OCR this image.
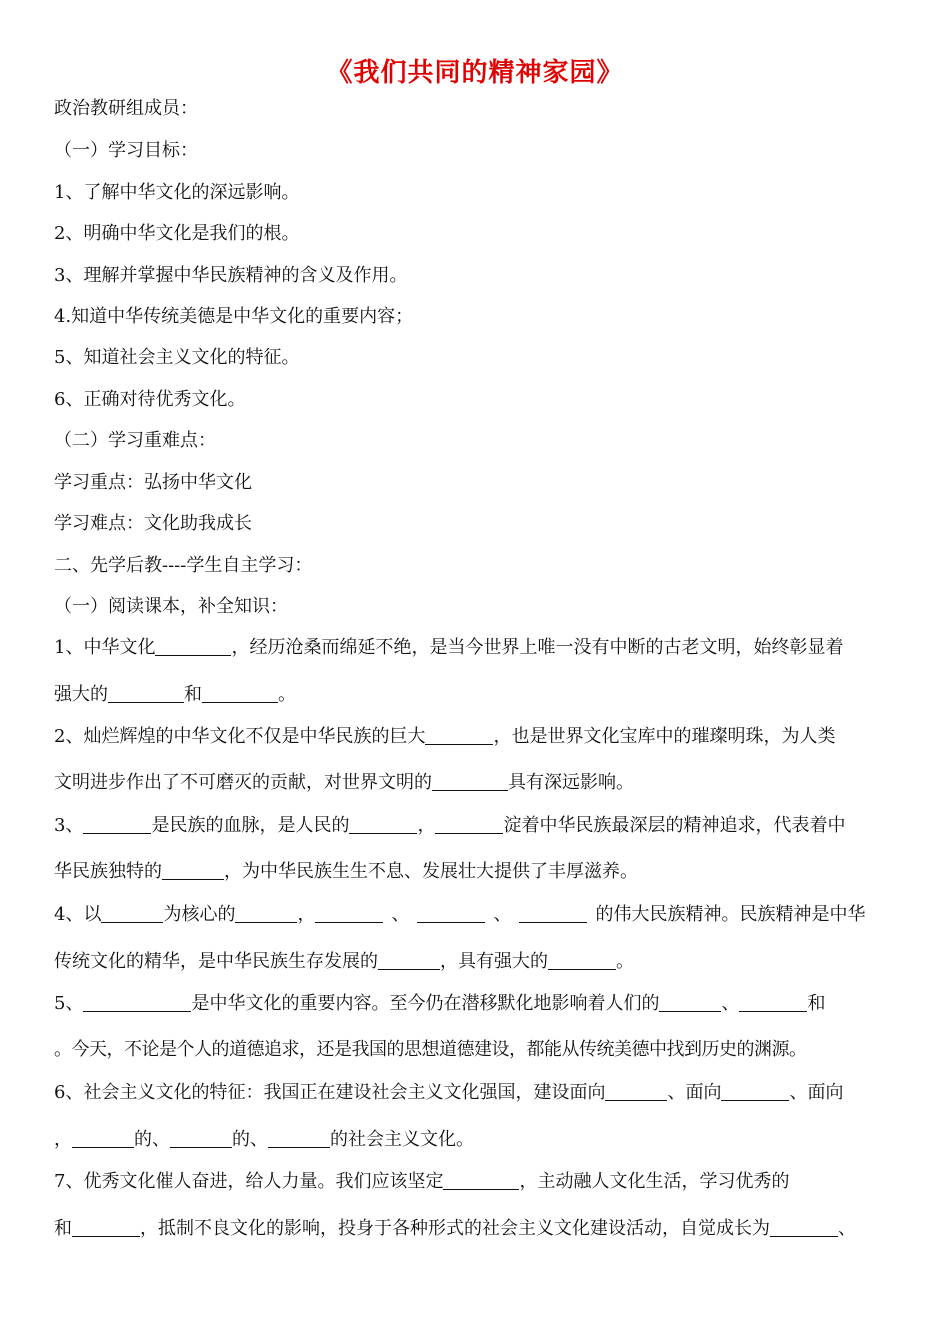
《我们共同的精神家园》
政治教研组成员：
（一）学习目标：
1、了解中华文化的深远影响。
2、明确中华文化是我们的根。
3、理解并掌握中华民族精神的含义及作用。
4.知道中华传统美德是中华文化的重要内容；
5、知道社会主义文化的特征。
6、正确对待优秀文化。
（二）学习重难点：
学习重点：弘扬中华文化
学习难点：文化助我成长
二、先学后教----学生自主学习：
（一）阅读课本，补全知识：
1、中华文化	，经历沧桑而绵延不绝，是当今世界上唯一没有中断的古老文明，始终彰显着
强大的	和	。
2、灿烂辉煌的中华文化不仅是中华民族的巨大	，也是世界文化宝库中的璀璨明珠，为人类
文明进步作出了不可磨灭的贡献，对世界文明的	具有深远影响。
3、	是民族的血脉，是人民的	，	淀着中华民族最深层的精神追求，代表着中
华民族独特的	，为中华民族生生不息、发展壮大提供了丰厚滋养。
4、以	为核心的	，	、	、	的伟大民族精神。民族精神是中华
传统文化的精华，是中华民族生存发展的	，具有强大的	。
5、	是中华文化的重要内容。至今仍在潜移默化地影响着人们的	、	和
。今天，不论是个人的道德追求，还是我国的思想道德建设，都能从传统美德中找到历史的渊源。
6、社会主义文化的特征：我国正在建设社会主义文化强国，建设面向	、面向	、面向
，	的、	的、	的社会主义文化。
7、优秀文化催人奋进，给人力量。我们应该坚定	，主动融人文化生活，学习优秀的
和	，抵制不良文化的影响，投身于各种形式的社会主义文化建设活动，自觉成长为	、
